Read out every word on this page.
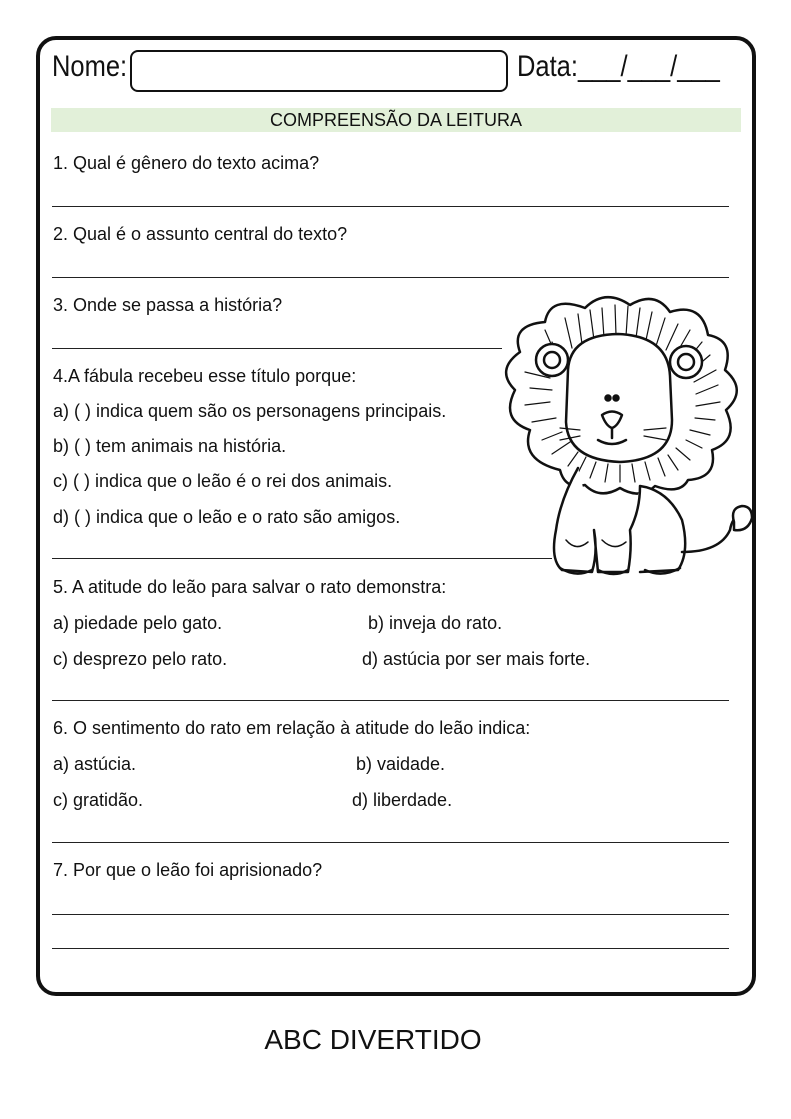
Nome:	Data:___/___/___
COMPREENSÃO DA LEITURA
1. Qual é gênero do texto acima?
2. Qual é o assunto central do texto?
3. Onde se passa a história?
4.A fábula recebeu esse título porque:
a) ( ) indica quem são os personagens principais.
b) ( ) tem animais na história.
c) ( ) indica que o leão é o rei dos animais.
d) ( ) indica que o leão e o rato são amigos.
5. A atitude do leão para salvar o rato demonstra:
a) piedade pelo gato.	b) inveja do rato.
c) desprezo pelo rato.	d) astúcia por ser mais forte.
6. O sentimento do rato em relação à atitude do leão indica:
a) astúcia.	b) vaidade.
c) gratidão.	d) liberdade.
7. Por que o leão foi aprisionado?
ABC DIVERTIDO
